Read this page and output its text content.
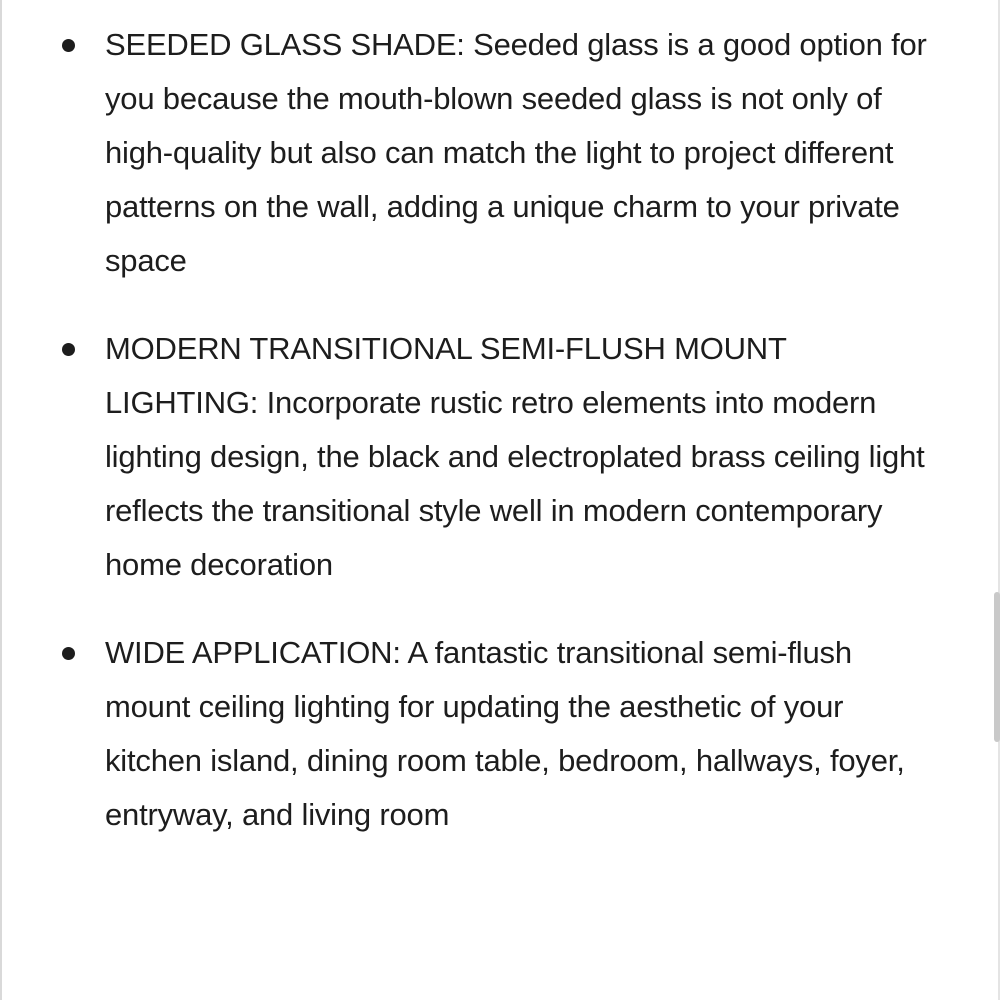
SEEDED GLASS SHADE: Seeded glass is a good option for you because the mouth-blown seeded glass is not only of high-quality but also can match the light to project different patterns on the wall, adding a unique charm to your private space
MODERN TRANSITIONAL SEMI-FLUSH MOUNT LIGHTING: Incorporate rustic retro elements into modern lighting design, the black and electroplated brass ceiling light reflects the transitional style well in modern contemporary home decoration
WIDE APPLICATION: A fantastic transitional semi-flush mount ceiling lighting for updating the aesthetic of your kitchen island, dining room table, bedroom, hallways, foyer, entryway, and living room
